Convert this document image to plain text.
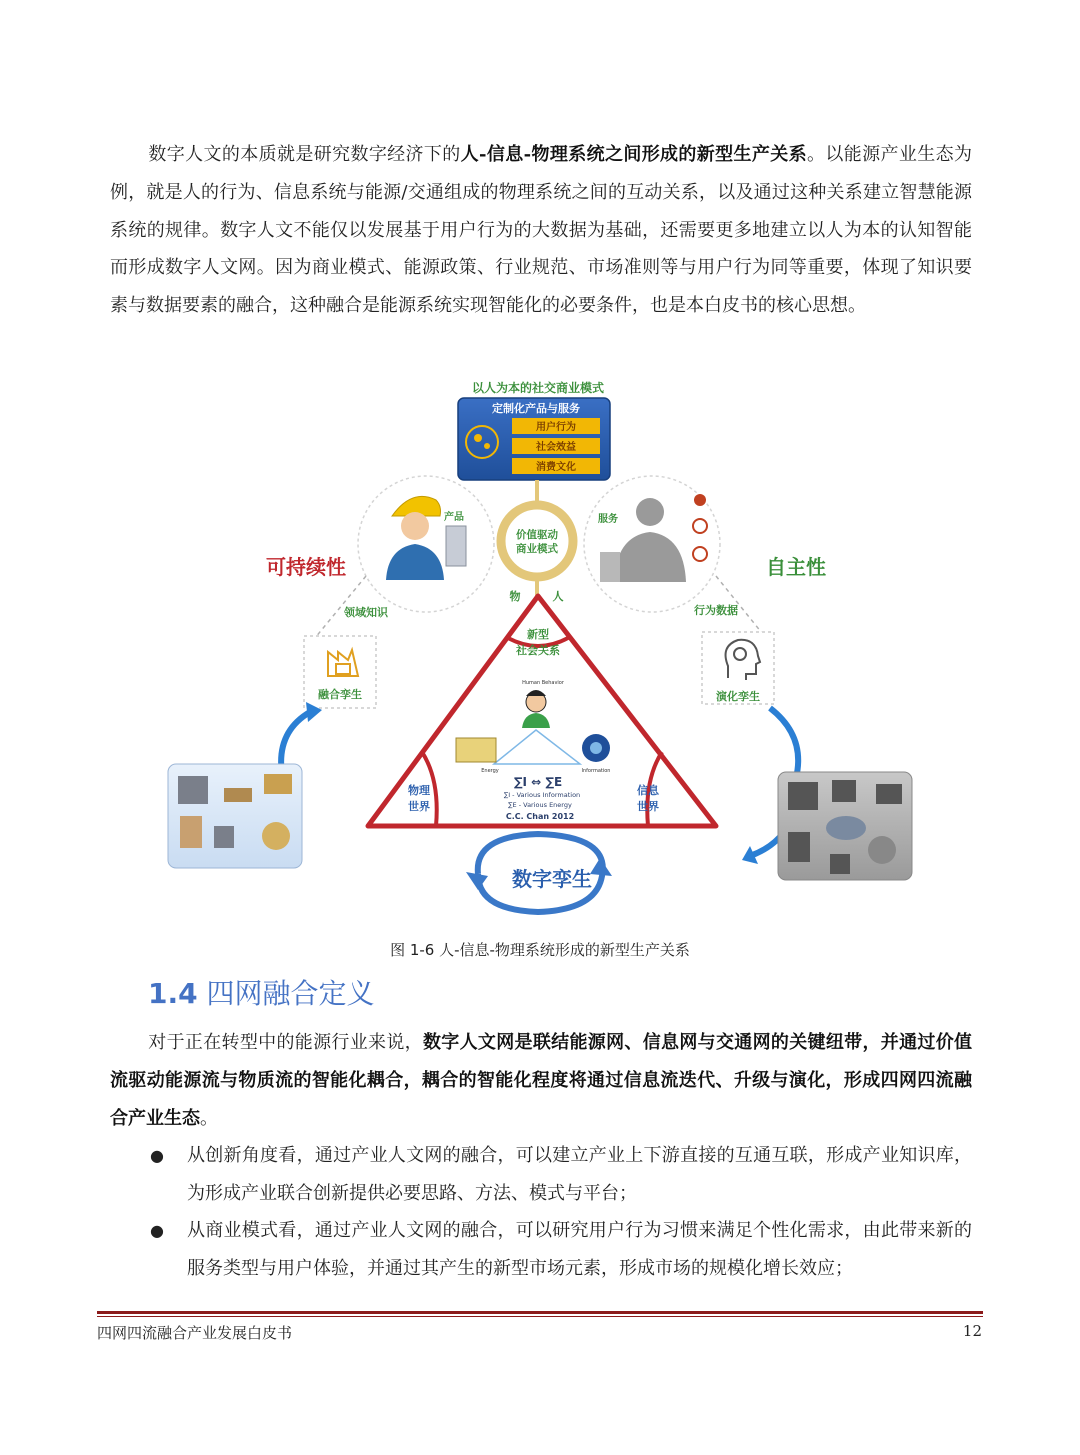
数字人文的本质就是研究数字经济下的人-信息-物理系统之间形成的新型生产关系。以能源产业生态为例，就是人的行为、信息系统与能源/交通组成的物理系统之间的互动关系，以及通过这种关系建立智慧能源系统的规律。数字人文不能仅以发展基于用户行为的大数据为基础，还需要更多地建立以人为本的认知智能而形成数字人文网。因为商业模式、能源政策、行业规范、市场准则等与用户行为同等重要，体现了知识要素与数据要素的融合，这种融合是能源系统实现智能化的必要条件，也是本白皮书的核心思想。

以人为本的社交商业模式
定制化产品与服务
用户行为
社会效益
消费文化
价值驱动商业模式
物	人
产品	服务
可持续性	自主性
领域知识	行为数据
融合孪生	演化孪生
新型社会关系
物理世界
信息世界
Human Behavior
Energy	Information
∑I ⇔ ∑E
∑I - Various Information
∑E - Various Energy
C.C. Chan 2012
数字孪生
图 1-6 人-信息-物理系统形成的新型生产关系
1.4 四网融合定义

对于正在转型中的能源行业来说，数字人文网是联结能源网、信息网与交通网的关键纽带，并通过价值流驱动能源流与物质流的智能化耦合，耦合的智能化程度将通过信息流迭代、升级与演化，形成四网四流融合产业生态。

● 从创新角度看，通过产业人文网的融合，可以建立产业上下游直接的互通互联，形成产业知识库，为形成产业联合创新提供必要思路、方法、模式与平台；
● 从商业模式看，通过产业人文网的融合，可以研究用户行为习惯来满足个性化需求，由此带来新的服务类型与用户体验，并通过其产生的新型市场元素，形成市场的规模化增长效应；
四网四流融合产业发展白皮书	12
